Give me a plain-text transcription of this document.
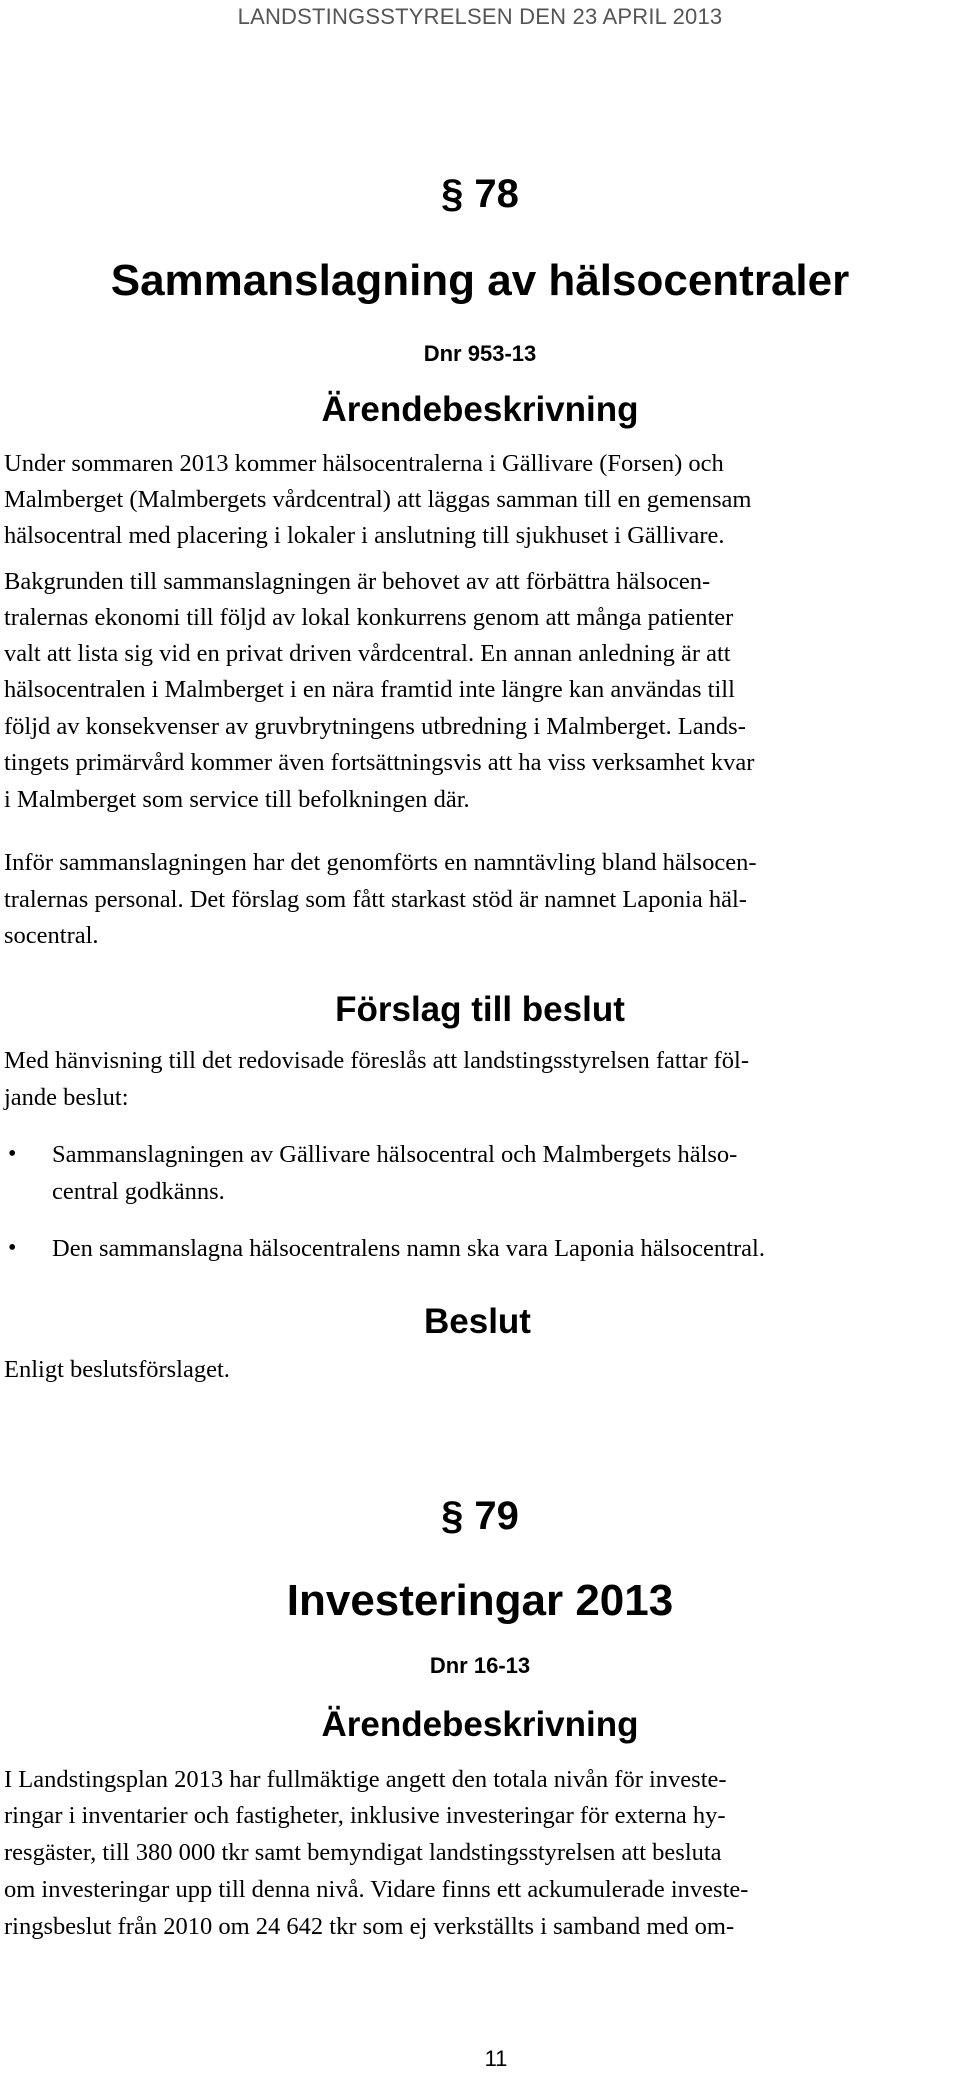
LANDSTINGSSTYRELSEN DEN 23 APRIL 2013
§ 78
Sammanslagning av hälsocentraler
Dnr 953-13
Ärendebeskrivning
Under sommaren 2013 kommer hälsocentralerna i Gällivare (Forsen) och
Malmberget (Malmbergets vårdcentral) att läggas samman till en gemensam
hälsocentral med placering i lokaler i anslutning till sjukhuset i Gällivare.
Bakgrunden till sammanslagningen är behovet av att förbättra hälsocen-
tralernas ekonomi till följd av lokal konkurrens genom att många patienter
valt att lista sig vid en privat driven vårdcentral. En annan anledning är att
hälsocentralen i Malmberget i en nära framtid inte längre kan användas till
följd av konsekvenser av gruvbrytningens utbredning i Malmberget. Lands-
tingets primärvård kommer även fortsättningsvis att ha viss verksamhet kvar
i Malmberget som service till befolkningen där.
Inför sammanslagningen har det genomförts en namntävling bland hälsocen-
tralernas personal. Det förslag som fått starkast stöd är namnet Laponia häl-
socentral.
Förslag till beslut
Med hänvisning till det redovisade föreslås att landstingsstyrelsen fattar föl-
jande beslut:
• Sammanslagningen av Gällivare hälsocentral och Malmbergets hälso-
central godkänns.
• Den sammanslagna hälsocentralens namn ska vara Laponia hälsocentral.
Beslut
Enligt beslutsförslaget.
§ 79
Investeringar 2013
Dnr 16-13
Ärendebeskrivning
I Landstingsplan 2013 har fullmäktige angett den totala nivån för investe-
ringar i inventarier och fastigheter, inklusive investeringar för externa hy-
resgäster, till 380 000 tkr samt bemyndigat landstingsstyrelsen att besluta
om investeringar upp till denna nivå. Vidare finns ett ackumulerade investe-
ringsbeslut från 2010 om 24 642 tkr som ej verkställts i samband med om-
11
